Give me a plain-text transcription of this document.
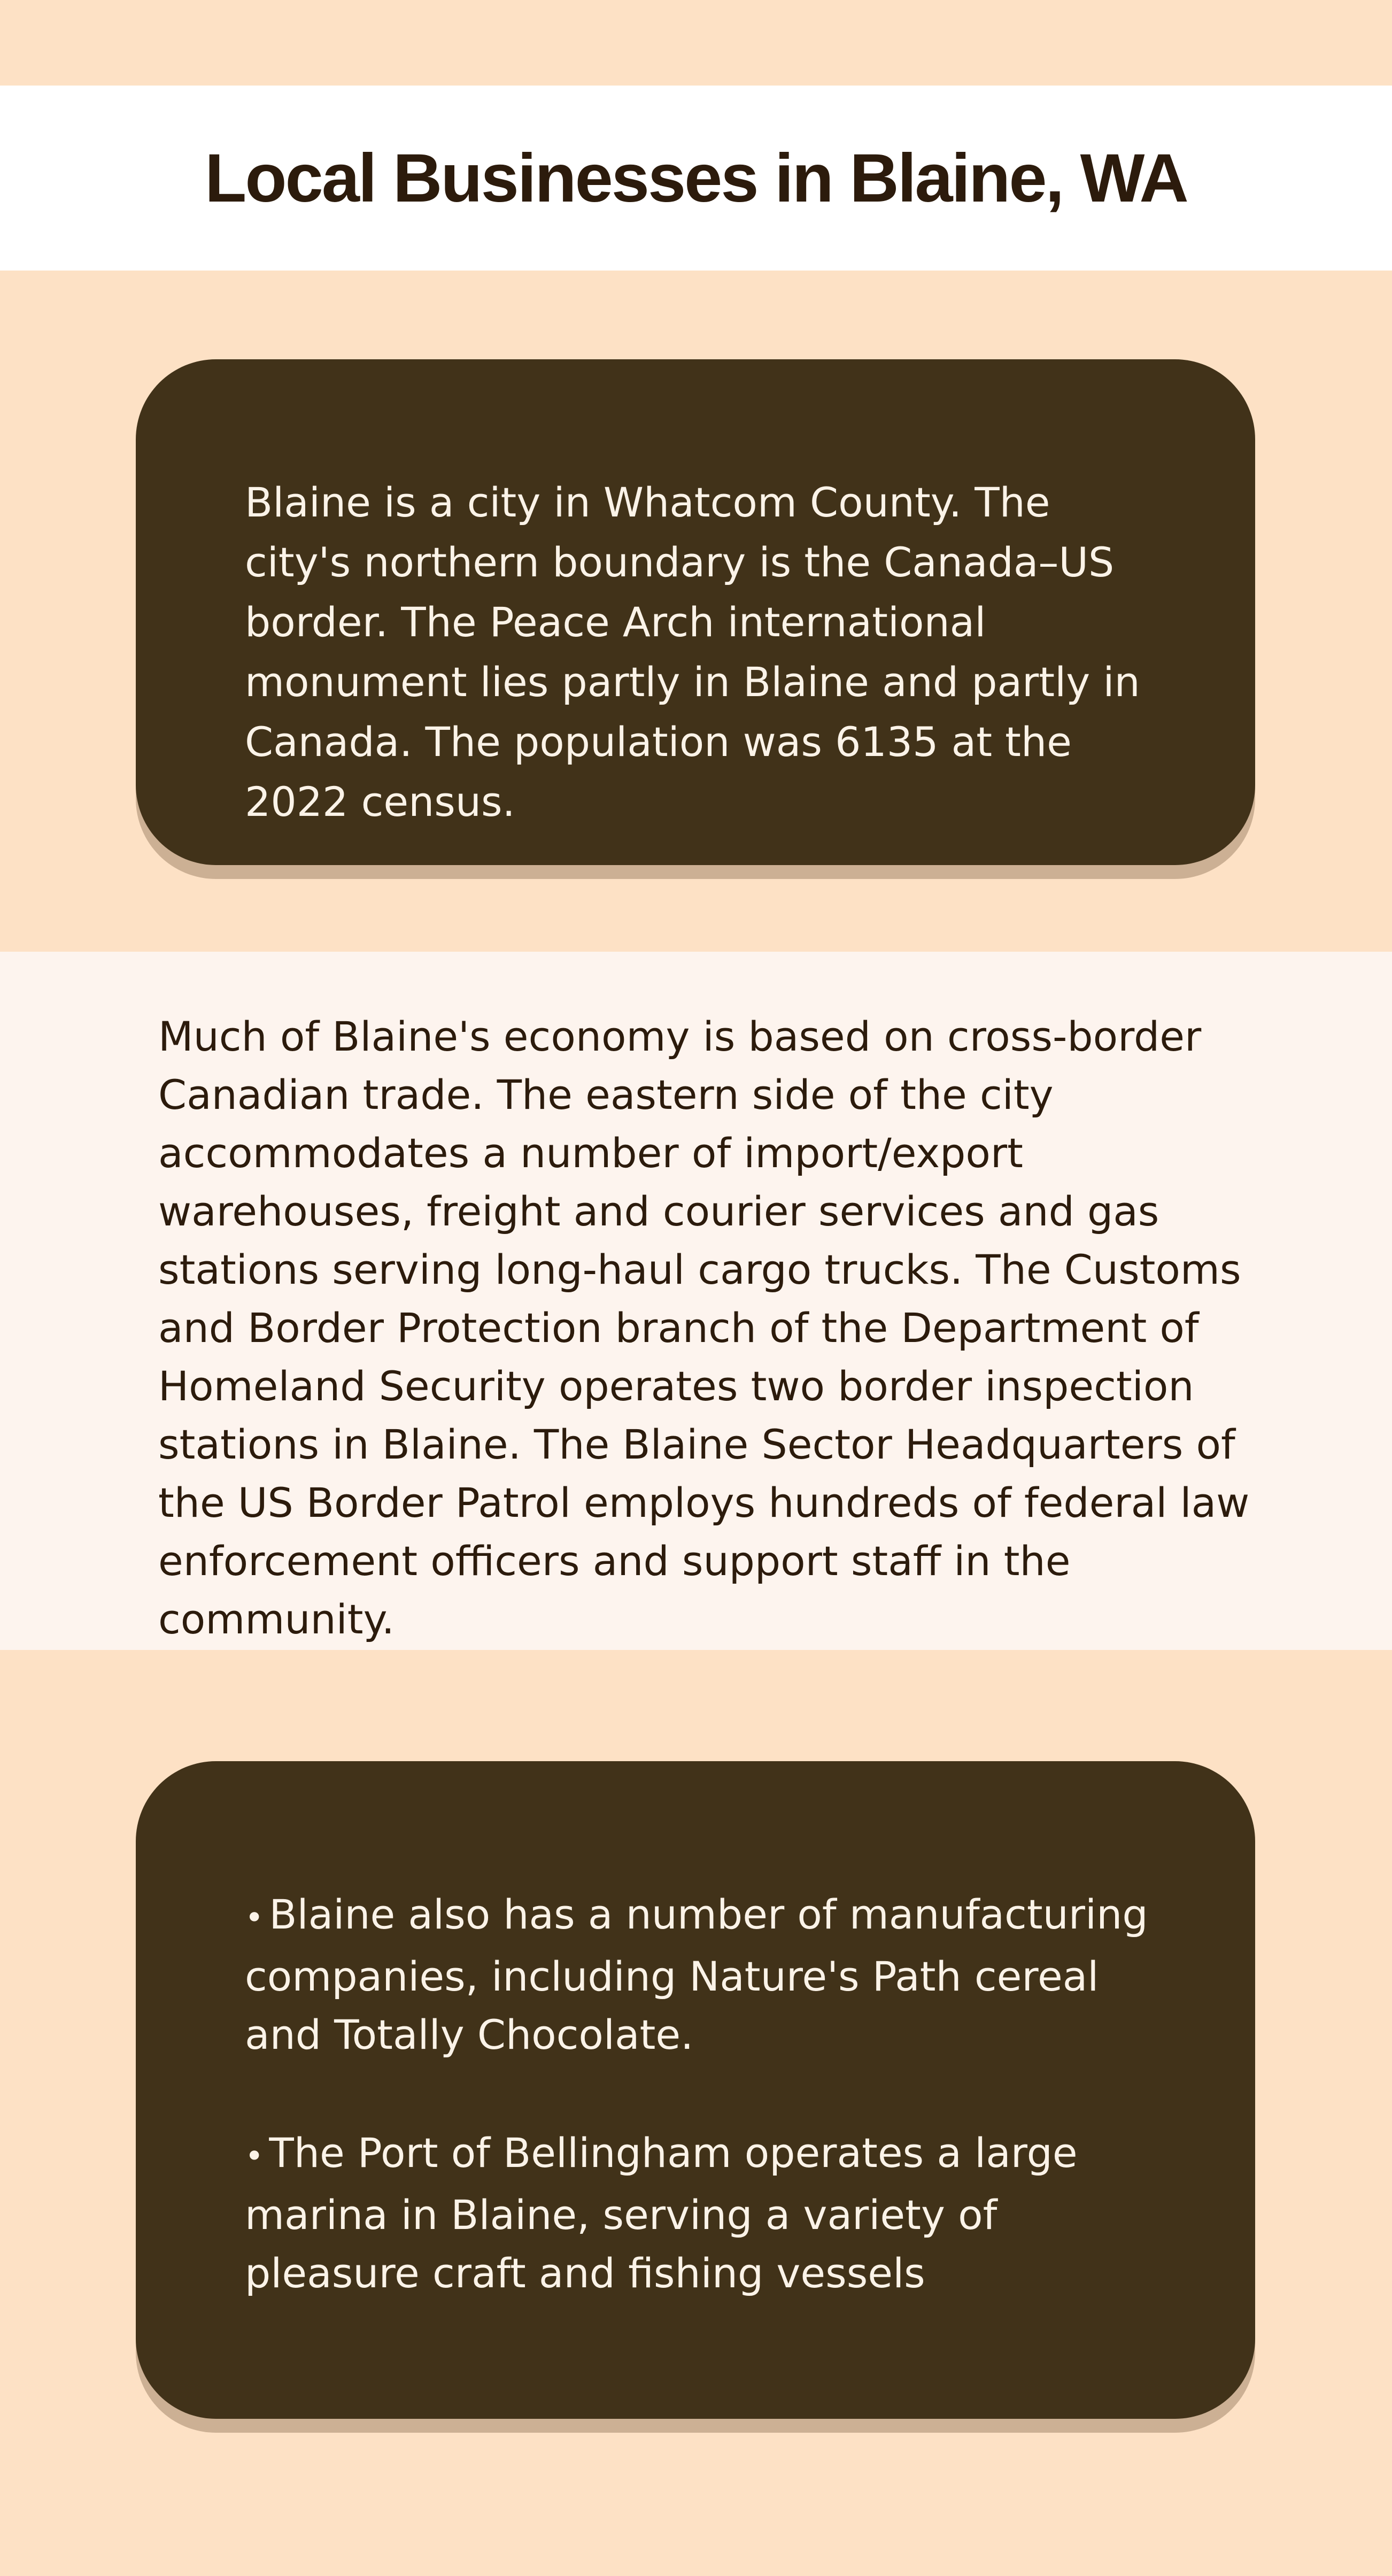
Local Businesses in Blaine, WA

Blaine is a city in Whatcom County. The city's northern boundary is the Canada–US border. The Peace Arch international monument lies partly in Blaine and partly in Canada. The population was 6135 at the 2022 census.

Much of Blaine's economy is based on cross-border Canadian trade. The eastern side of the city accommodates a number of import/export warehouses, freight and courier services and gas stations serving long-haul cargo trucks. The Customs and Border Protection branch of the Department of Homeland Security operates two border inspection stations in Blaine. The Blaine Sector Headquarters of the US Border Patrol employs hundreds of federal law enforcement officers and support staff in the community.

• Blaine also has a number of manufacturing companies, including Nature's Path cereal and Totally Chocolate.

• The Port of Bellingham operates a large marina in Blaine, serving a variety of pleasure craft and fishing vessels
